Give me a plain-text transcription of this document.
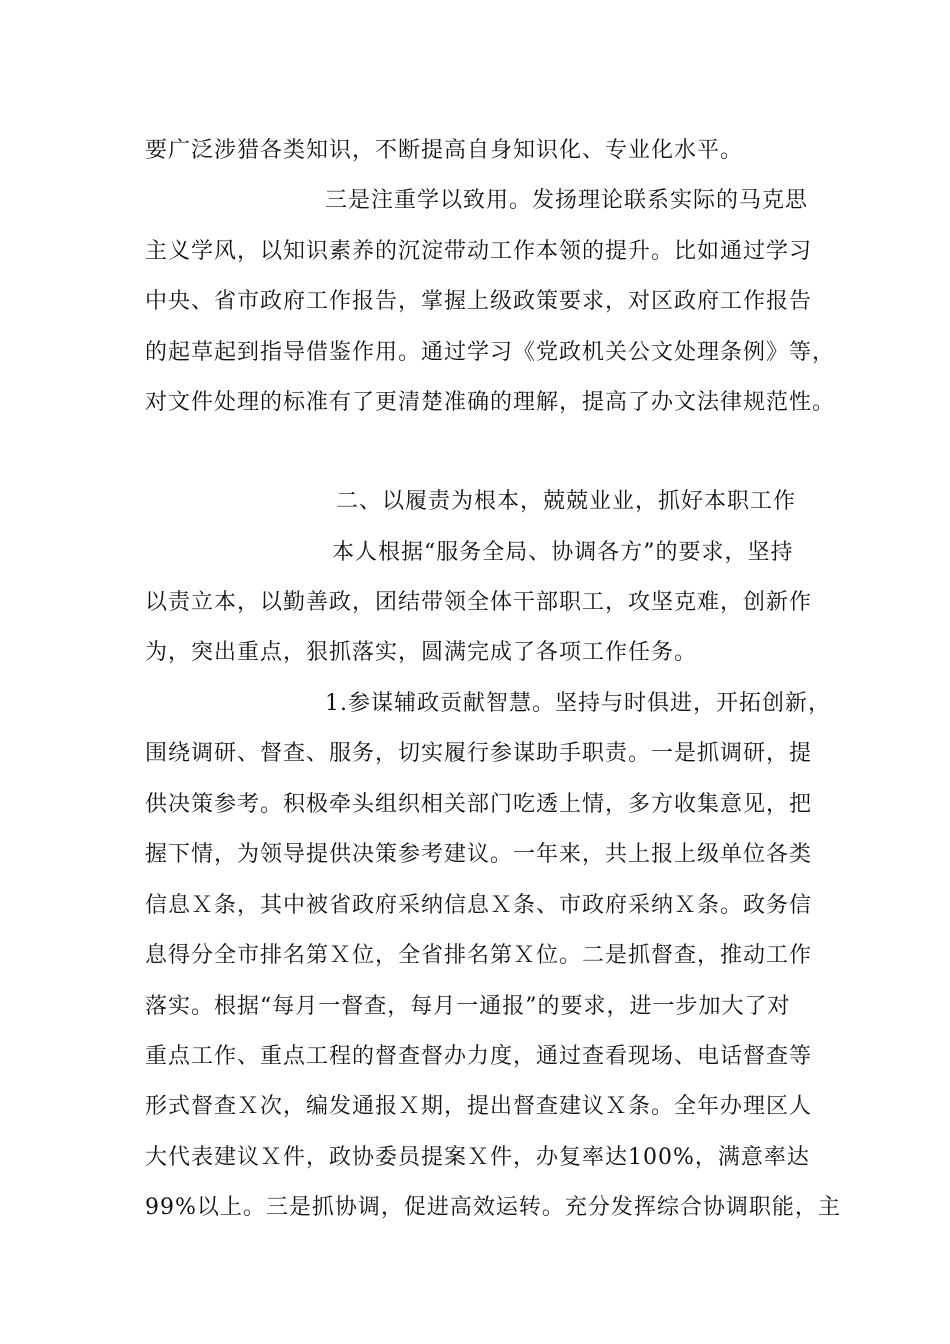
要广泛涉猎各类知识，不断提高自身知识化、专业化水平。
三是注重学以致用。发扬理论联系实际的马克思
主义学风，以知识素养的沉淀带动工作本领的提升。比如通过学习
中央、省市政府工作报告，掌握上级政策要求，对区政府工作报告
的起草起到指导借鉴作用。通过学习《党政机关公文处理条例》等，
对文件处理的标准有了更清楚准确的理解，提高了办文法律规范性。
二、以履责为根本，兢兢业业，抓好本职工作
本人根据“服务全局、协调各方”的要求，坚持
以责立本，以勤善政，团结带领全体干部职工，攻坚克难，创新作
为，突出重点，狠抓落实，圆满完成了各项工作任务。
1.参谋辅政贡献智慧。坚持与时俱进，开拓创新，
围绕调研、督查、服务，切实履行参谋助手职责。一是抓调研，提
供决策参考。积极牵头组织相关部门吃透上情，多方收集意见，把
握下情，为领导提供决策参考建议。一年来，共上报上级单位各类
信息Ｘ条，其中被省政府采纳信息Ｘ条、市政府采纳Ｘ条。政务信
息得分全市排名第Ｘ位，全省排名第Ｘ位。二是抓督查，推动工作
落实。根据“每月一督查，每月一通报”的要求，进一步加大了对
重点工作、重点工程的督查督办力度，通过查看现场、电话督查等
形式督查Ｘ次，编发通报Ｘ期，提出督查建议Ｘ条。全年办理区人
大代表建议Ｘ件，政协委员提案Ｘ件，办复率达100%，满意率达
99%以上。三是抓协调，促进高效运转。充分发挥综合协调职能，主
